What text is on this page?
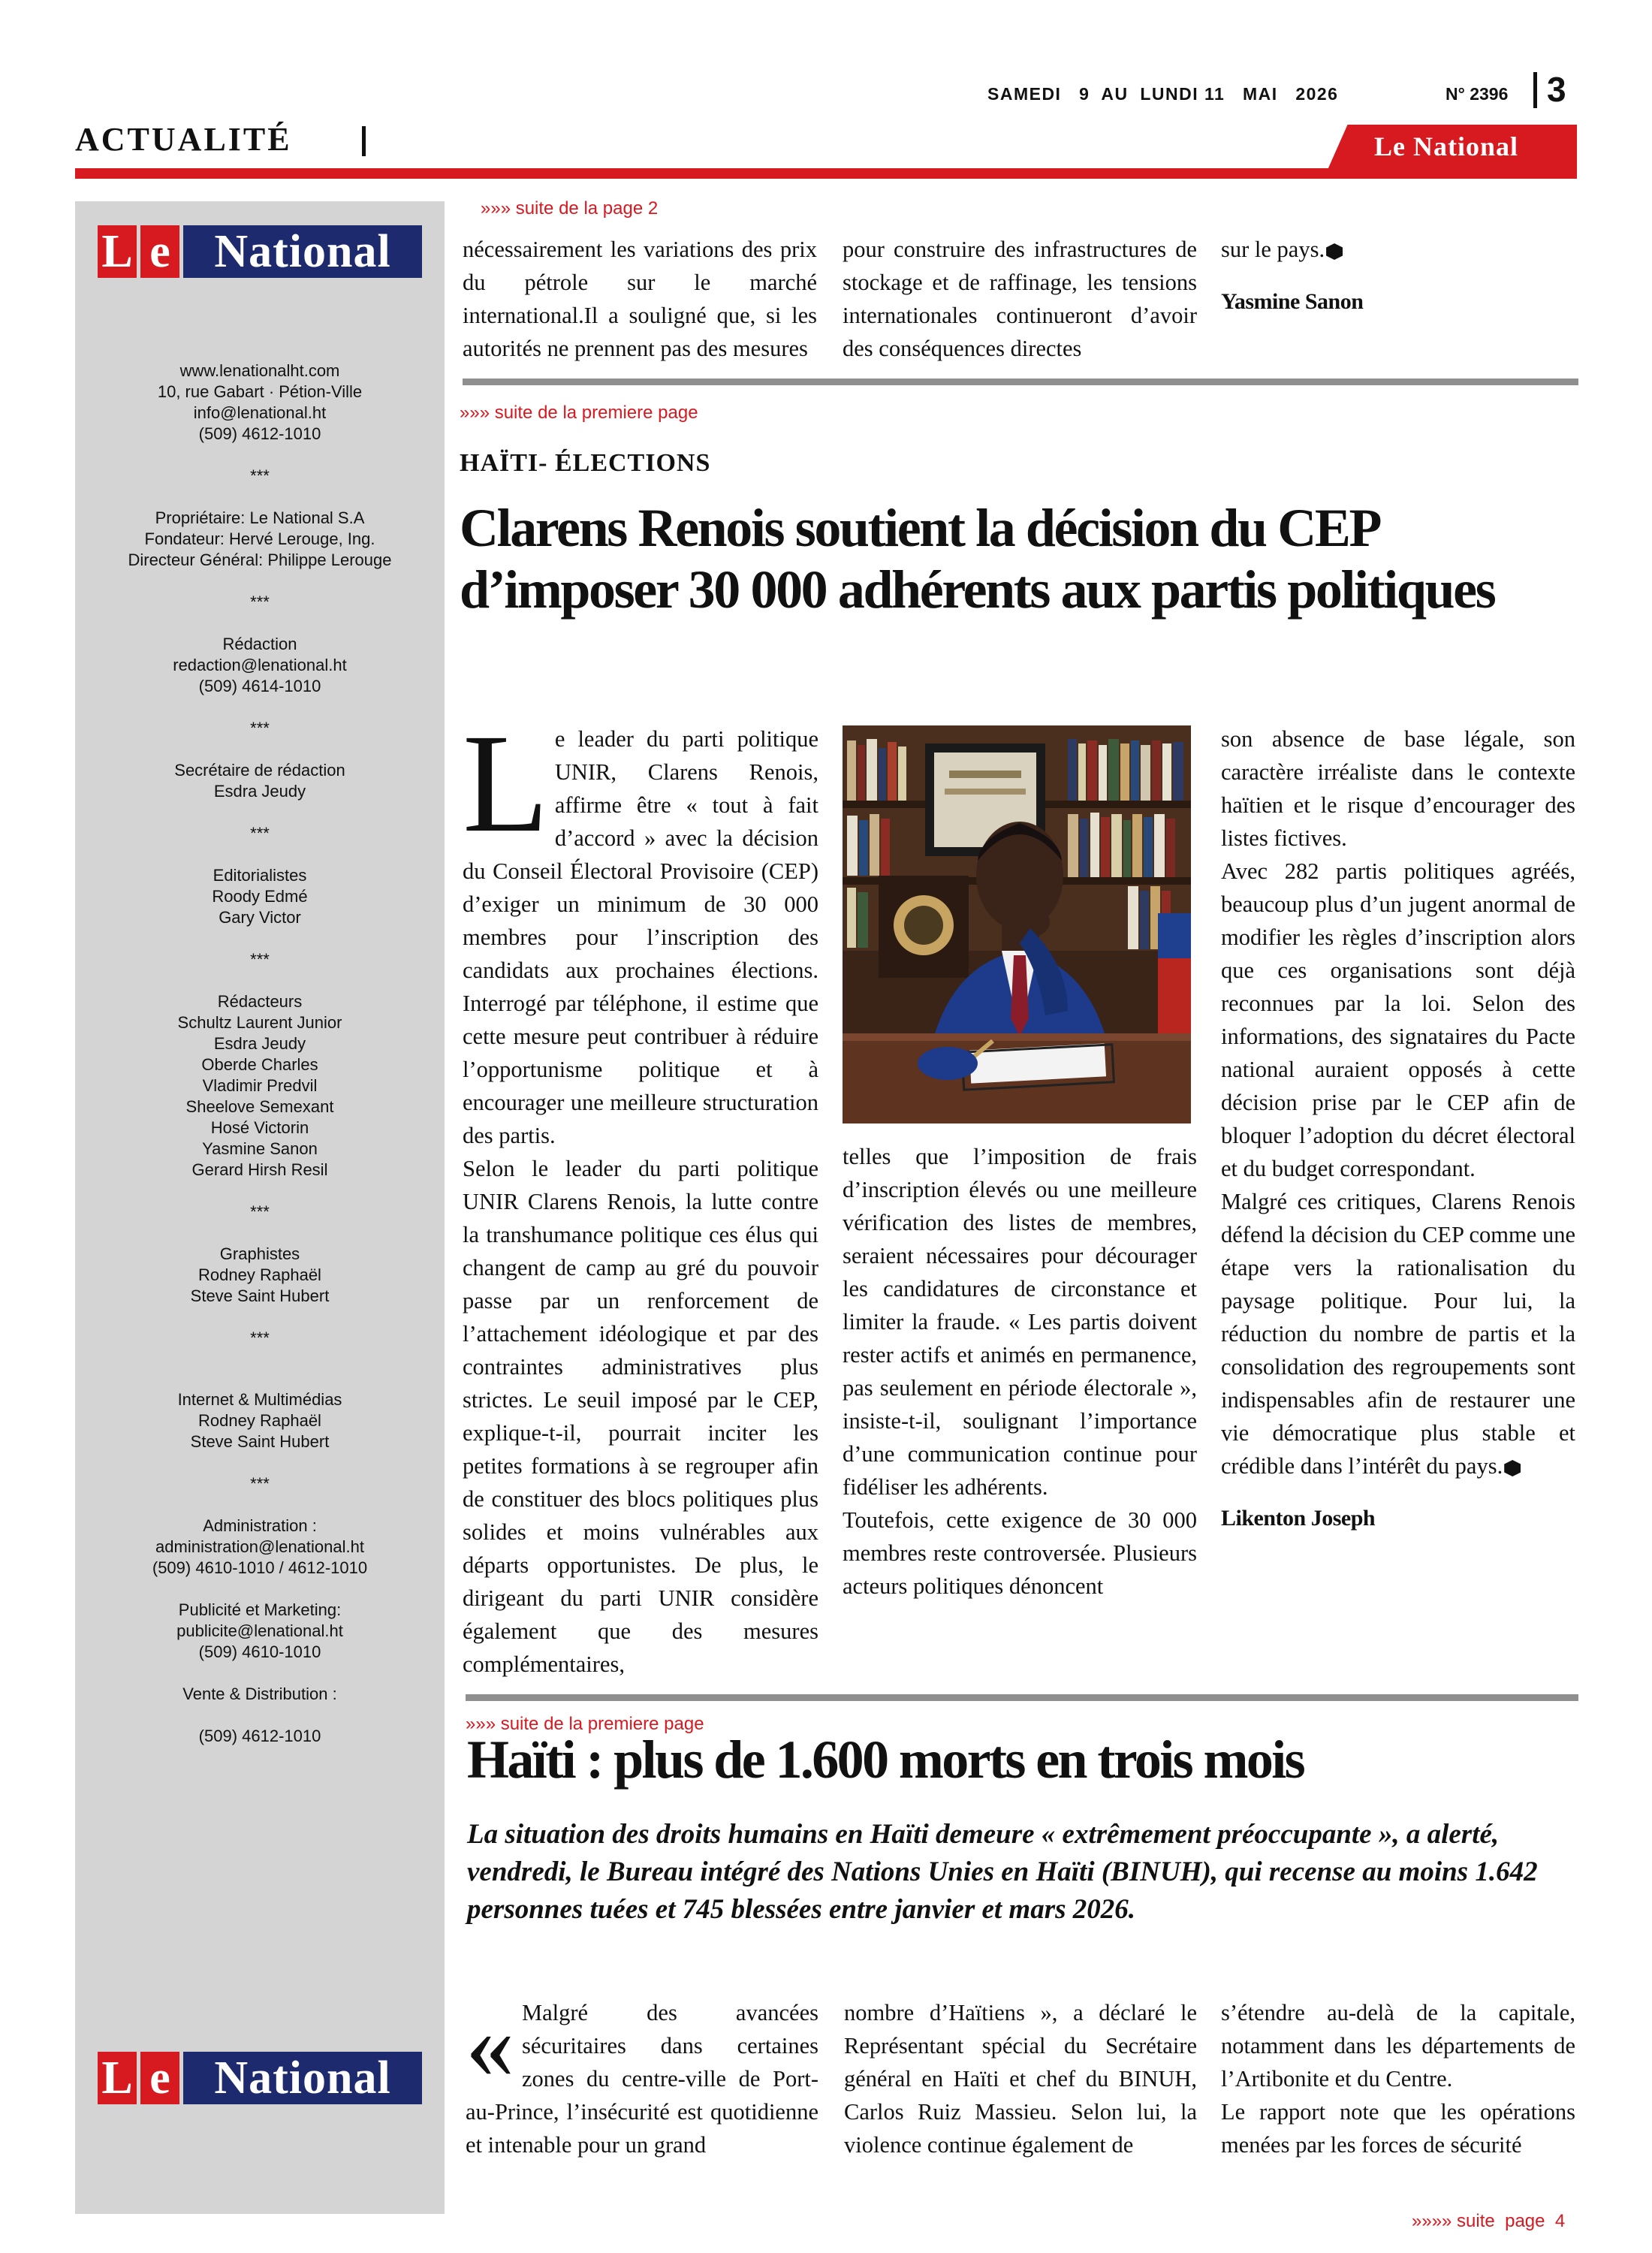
SAMEDI   9  AU  LUNDI 11   MAI   2026	N° 2396 3
ACTUALITÉ	Le National
L e National
www.lenationalht.com
10, rue Gabart · Pétion-Ville
info@lenational.ht
(509) 4612-1010
***
Propriétaire: Le National S.A
Fondateur: Hervé Lerouge, Ing.
Directeur Général: Philippe Lerouge
***
Rédaction
redaction@lenational.ht
(509) 4614-1010
***
Secrétaire de rédaction
Esdra Jeudy
***
Editorialistes
Roody Edmé
Gary Victor
***
Rédacteurs
Schultz Laurent Junior
Esdra Jeudy
Oberde Charles
Vladimir Predvil
Sheelove Semexant
Hosé Victorin
Yasmine Sanon
Gerard Hirsh Resil
***
Graphistes
Rodney Raphaël
Steve Saint Hubert
***
Internet & Multimédias
Rodney Raphaël
Steve Saint Hubert
***
Administration :
administration@lenational.ht
(509) 4610-1010 / 4612-1010
Publicité et Marketing:
publicite@lenational.ht
(509) 4610-1010
Vente & Distribution :
(509) 4612-1010
L e National
»»» suite de la page 2
nécessairement les variations des prix du pétrole sur le marché international.Il a souligné que, si les autorités ne prennent pas des mesures
pour construire des infrastructures de stockage et de raffinage, les tensions internationales continueront d’avoir des conséquences directes
sur le pays.
Yasmine Sanon
»»» suite de la premiere page
HAÏTI- ÉLECTIONS
Clarens Renois soutient la décision du CEP d’imposer 30 000 adhérents aux partis politiques

Le leader du parti politique UNIR, Clarens Renois, affirme être « tout à fait d’accord » avec la décision du Conseil Électoral Provisoire (CEP) d’exiger un minimum de 30 000 membres pour l’inscription des candidats aux prochaines élections. Interrogé par téléphone, il estime que cette mesure peut contribuer à réduire l’opportunisme politique et à encourager une meilleure structuration des partis.

Selon le leader du parti politique UNIR Clarens Renois, la lutte contre la transhumance politique ces élus qui changent de camp au gré du pouvoir passe par un renforcement de l’attachement idéologique et par des contraintes administratives plus strictes. Le seuil imposé par le CEP, explique-t-il, pourrait inciter les petites formations à se regrouper afin de constituer des blocs politiques plus solides et moins vulnérables aux départs opportunistes. De plus, le dirigeant du parti UNIR considère également que des mesures complémentaires,

telles que l’imposition de frais d’inscription élevés ou une meilleure vérification des listes de membres, seraient nécessaires pour décourager les candidatures de circonstance et limiter la fraude. « Les partis doivent rester actifs et animés en permanence, pas seulement en période électorale », insiste-t-il, soulignant l’importance d’une communication continue pour fidéliser les adhérents.

Toutefois, cette exigence de 30 000 membres reste controversée. Plusieurs acteurs politiques dénoncent

son absence de base légale, son caractère irréaliste dans le contexte haïtien et le risque d’encourager des listes fictives.

Avec 282 partis politiques agréés, beaucoup plus d’un jugent anormal de modifier les règles d’inscription alors que ces organisations sont déjà reconnues par la loi. Selon des informations, des signataires du Pacte national auraient opposés à cette décision prise par le CEP afin de bloquer l’adoption du décret électoral et du budget correspondant.

Malgré ces critiques, Clarens Renois défend la décision du CEP comme une étape vers la rationalisation du paysage politique. Pour lui, la réduction du nombre de partis et la consolidation des regroupements sont indispensables afin de restaurer une vie démocratique plus stable et crédible dans l’intérêt du pays.

Likenton Joseph
»»» suite de la premiere page
Haïti : plus de 1.600 morts en trois mois
La situation des droits humains en Haïti demeure « extrêmement préoccupante », a alerté, vendredi, le Bureau intégré des Nations Unies en Haïti (BINUH), qui recense au moins 1.642 personnes tuées et 745 blessées entre janvier et mars 2026.

« Malgré des avancées sécuritaires dans certaines zones du centre-ville de Port-au-Prince, l’insécurité est quotidienne et intenable pour un grand

nombre d’Haïtiens », a déclaré le Représentant spécial du Secrétaire général en Haïti et chef du BINUH, Carlos Ruiz Massieu. Selon lui, la violence continue également de

s’étendre au-delà de la capitale, notamment dans les départements de l’Artibonite et du Centre.

Le rapport note que les opérations menées par les forces de sécurité

»»»» suite  page  4
